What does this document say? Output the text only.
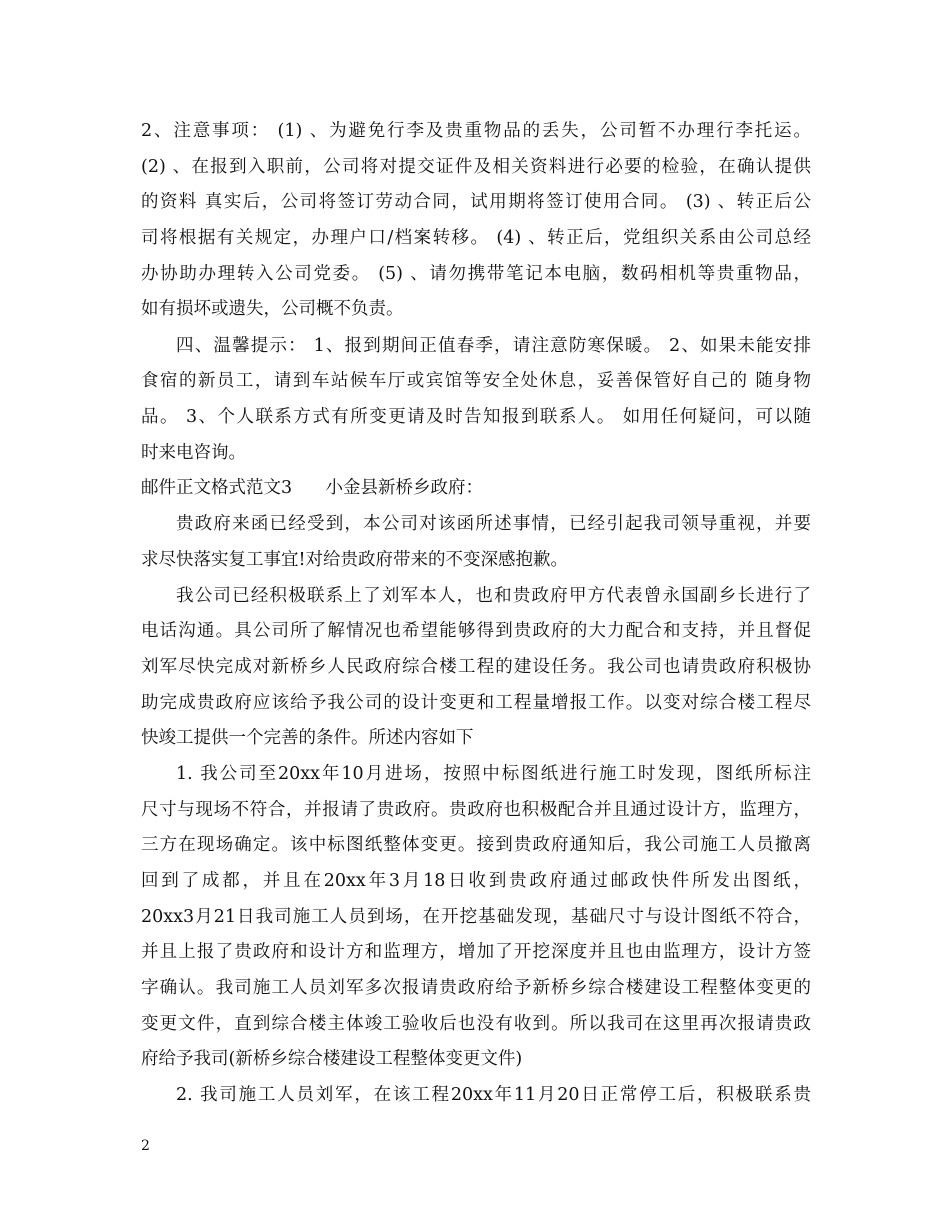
2、注意事项： (1) 、为避免行李及贵重物品的丢失，公司暂不办理行李托运。
(2) 、在报到入职前，公司将对提交证件及相关资料进行必要的检验，在确认提供
的资料 真实后，公司将签订劳动合同，试用期将签订使用合同。 (3) 、转正后公
司将根据有关规定，办理户口/档案转移。 (4) 、转正后，党组织关系由公司总经
办协助办理转入公司党委。 (5) 、请勿携带笔记本电脑，数码相机等贵重物品，
如有损坏或遗失，公司概不负责。
四、温馨提示： 1、报到期间正值春季，请注意防寒保暖。 2、如果未能安排
食宿的新员工，请到车站候车厅或宾馆等安全处休息，妥善保管好自己的 随身物
品。 3、个人联系方式有所变更请及时告知报到联系人。 如用任何疑问，可以随
时来电咨询。
邮件正文格式范文3      小金县新桥乡政府：
贵政府来函已经受到，本公司对该函所述事情，已经引起我司领导重视，并要
求尽快落实复工事宜!对给贵政府带来的不变深感抱歉。
我公司已经积极联系上了刘军本人，也和贵政府甲方代表曾永国副乡长进行了
电话沟通。具公司所了解情况也希望能够得到贵政府的大力配合和支持，并且督促
刘军尽快完成对新桥乡人民政府综合楼工程的建设任务。我公司也请贵政府积极协
助完成贵政府应该给予我公司的设计变更和工程量增报工作。以变对综合楼工程尽
快竣工提供一个完善的条件。所述内容如下
1. 我公司至20xx年10月进场，按照中标图纸进行施工时发现，图纸所标注
尺寸与现场不符合，并报请了贵政府。贵政府也积极配合并且通过设计方，监理方，
三方在现场确定。该中标图纸整体变更。接到贵政府通知后，我公司施工人员撤离
回到了成都，并且在20xx年3月18日收到贵政府通过邮政快件所发出图纸，
20xx3月21日我司施工人员到场，在开挖基础发现，基础尺寸与设计图纸不符合，
并且上报了贵政府和设计方和监理方，增加了开挖深度并且也由监理方，设计方签
字确认。我司施工人员刘军多次报请贵政府给予新桥乡综合楼建设工程整体变更的
变更文件，直到综合楼主体竣工验收后也没有收到。所以我司在这里再次报请贵政
府给予我司(新桥乡综合楼建设工程整体变更文件)
2. 我司施工人员刘军，在该工程20xx年11月20日正常停工后，积极联系贵
2
